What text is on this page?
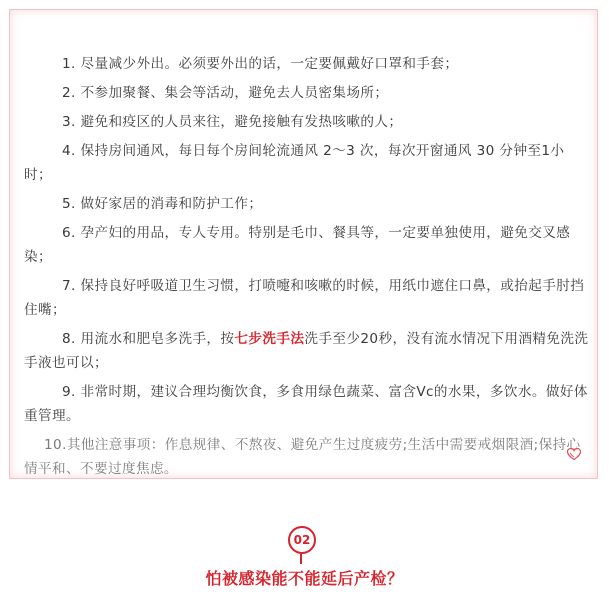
1. 尽量减少外出。必须要外出的话，一定要佩戴好口罩和手套；

2. 不参加聚餐、集会等活动，避免去人员密集场所；

3. 避免和疫区的人员来往，避免接触有发热咳嗽的人；

4. 保持房间通风，每日每个房间轮流通风 2～3 次，每次开窗通风 30 分钟至1小时；

5. 做好家居的消毒和防护工作；

6. 孕产妇的用品，专人专用。特别是毛巾、餐具等，一定要单独使用，避免交叉感染；

7. 保持良好呼吸道卫生习惯，打喷嚏和咳嗽的时候，用纸巾遮住口鼻，或抬起手肘挡住嘴；

8. 用流水和肥皂多洗手，按七步洗手法洗手至少20秒，没有流水情况下用酒精免洗洗手液也可以；

9. 非常时期，建议合理均衡饮食，多食用绿色蔬菜、富含Vc的水果，多饮水。做好体重管理。

10.其他注意事项：作息规律、不熬夜、避免产生过度疲劳;生活中需要戒烟限酒;保持心情平和、不要过度焦虑。

02
怕被感染能不能延后产检？
